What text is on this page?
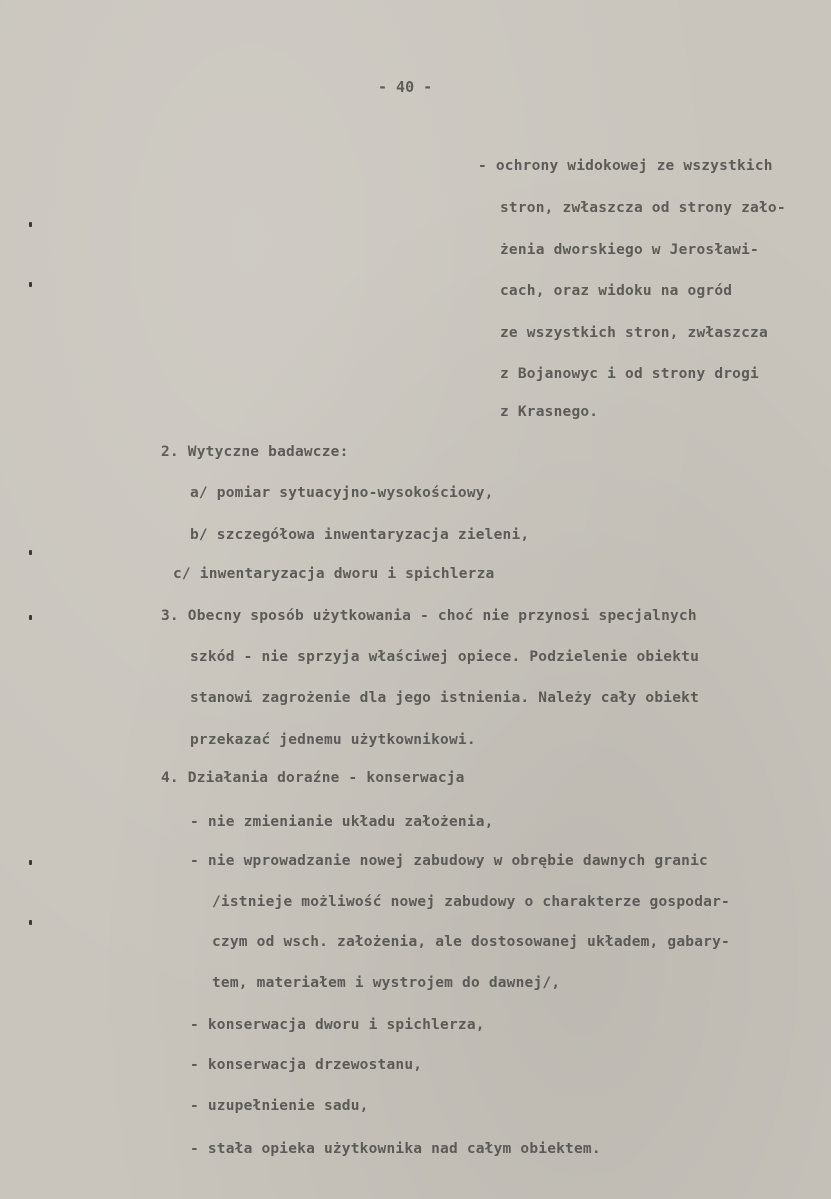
- 40 -
- ochrony widokowej ze wszystkich
stron, zwłaszcza od strony zało-
żenia dworskiego w Jerosławi-
cach, oraz widoku na ogród
ze wszystkich stron, zwłaszcza
z Bojanowyc i od strony drogi
z Krasnego.
2. Wytyczne badawcze:
a/ pomiar sytuacyjno-wysokościowy,
b/ szczegółowa inwentaryzacja zieleni,
c/ inwentaryzacja dworu i spichlerza
3. Obecny sposób użytkowania - choć nie przynosi specjalnych
szkód - nie sprzyja właściwej opiece. Podzielenie obiektu
stanowi zagrożenie dla jego istnienia. Należy cały obiekt
przekazać jednemu użytkownikowi.
4. Działania doraźne - konserwacja
- nie zmienianie układu założenia,
- nie wprowadzanie nowej zabudowy w obrębie dawnych granic
/istnieje możliwość nowej zabudowy o charakterze gospodar-
czym od wsch. założenia, ale dostosowanej układem, gabary-
tem, materiałem i wystrojem do dawnej/,
- konserwacja dworu i spichlerza,
- konserwacja drzewostanu,
- uzupełnienie sadu,
- stała opieka użytkownika nad całym obiektem.
